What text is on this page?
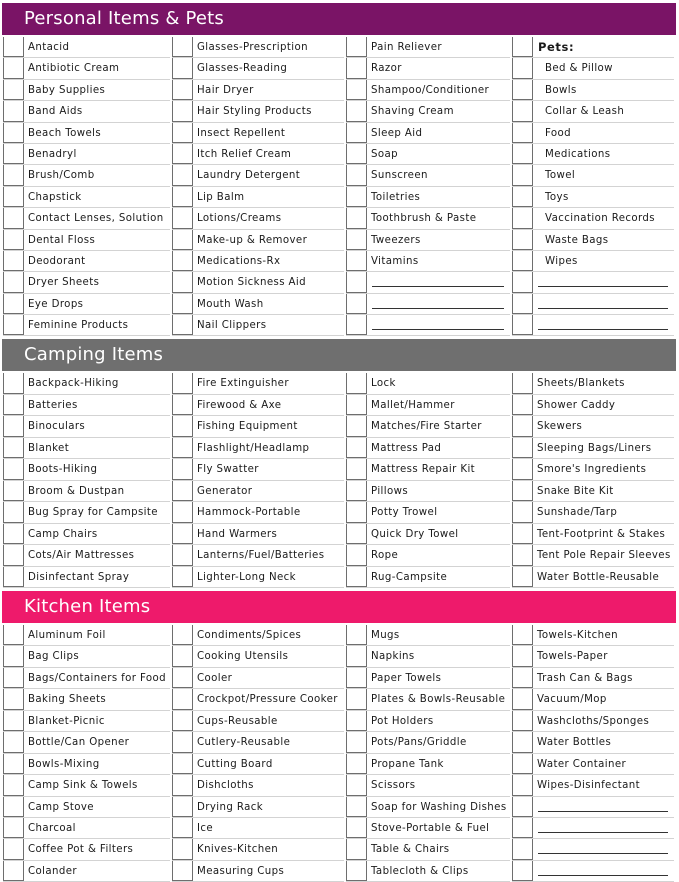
Personal Items & Pets
Antacid
Antibiotic Cream
Baby Supplies
Band Aids
Beach Towels
Benadryl
Brush/Comb
Chapstick
Contact Lenses, Solution
Dental Floss
Deodorant
Dryer Sheets
Eye Drops
Feminine Products
Glasses-Prescription
Glasses-Reading
Hair Dryer
Hair Styling Products
Insect Repellent
Itch Relief Cream
Laundry Detergent
Lip Balm
Lotions/Creams
Make-up & Remover
Medications-Rx
Motion Sickness Aid
Mouth Wash
Nail Clippers
Pain Reliever
Razor
Shampoo/Conditioner
Shaving Cream
Sleep Aid
Soap
Sunscreen
Toiletries
Toothbrush & Paste
Tweezers
Vitamins
Pets:
Bed & Pillow
Bowls
Collar & Leash
Food
Medications
Towel
Toys
Vaccination Records
Waste Bags
Wipes
Camping Items
Backpack-Hiking
Batteries
Binoculars
Blanket
Boots-Hiking
Broom & Dustpan
Bug Spray for Campsite
Camp Chairs
Cots/Air Mattresses
Disinfectant Spray
Fire Extinguisher
Firewood & Axe
Fishing Equipment
Flashlight/Headlamp
Fly Swatter
Generator
Hammock-Portable
Hand Warmers
Lanterns/Fuel/Batteries
Lighter-Long Neck
Lock
Mallet/Hammer
Matches/Fire Starter
Mattress Pad
Mattress Repair Kit
Pillows
Potty Trowel
Quick Dry Towel
Rope
Rug-Campsite
Sheets/Blankets
Shower Caddy
Skewers
Sleeping Bags/Liners
Smore's Ingredients
Snake Bite Kit
Sunshade/Tarp
Tent-Footprint & Stakes
Tent Pole Repair Sleeves
Water Bottle-Reusable
Kitchen Items
Aluminum Foil
Bag Clips
Bags/Containers for Food
Baking Sheets
Blanket-Picnic
Bottle/Can Opener
Bowls-Mixing
Camp Sink & Towels
Camp Stove
Charcoal
Coffee Pot & Filters
Colander
Condiments/Spices
Cooking Utensils
Cooler
Crockpot/Pressure Cooker
Cups-Reusable
Cutlery-Reusable
Cutting Board
Dishcloths
Drying Rack
Ice
Knives-Kitchen
Measuring Cups
Mugs
Napkins
Paper Towels
Plates & Bowls-Reusable
Pot Holders
Pots/Pans/Griddle
Propane Tank
Scissors
Soap for Washing Dishes
Stove-Portable & Fuel
Table & Chairs
Tablecloth & Clips
Towels-Kitchen
Towels-Paper
Trash Can & Bags
Vacuum/Mop
Washcloths/Sponges
Water Bottles
Water Container
Wipes-Disinfectant
